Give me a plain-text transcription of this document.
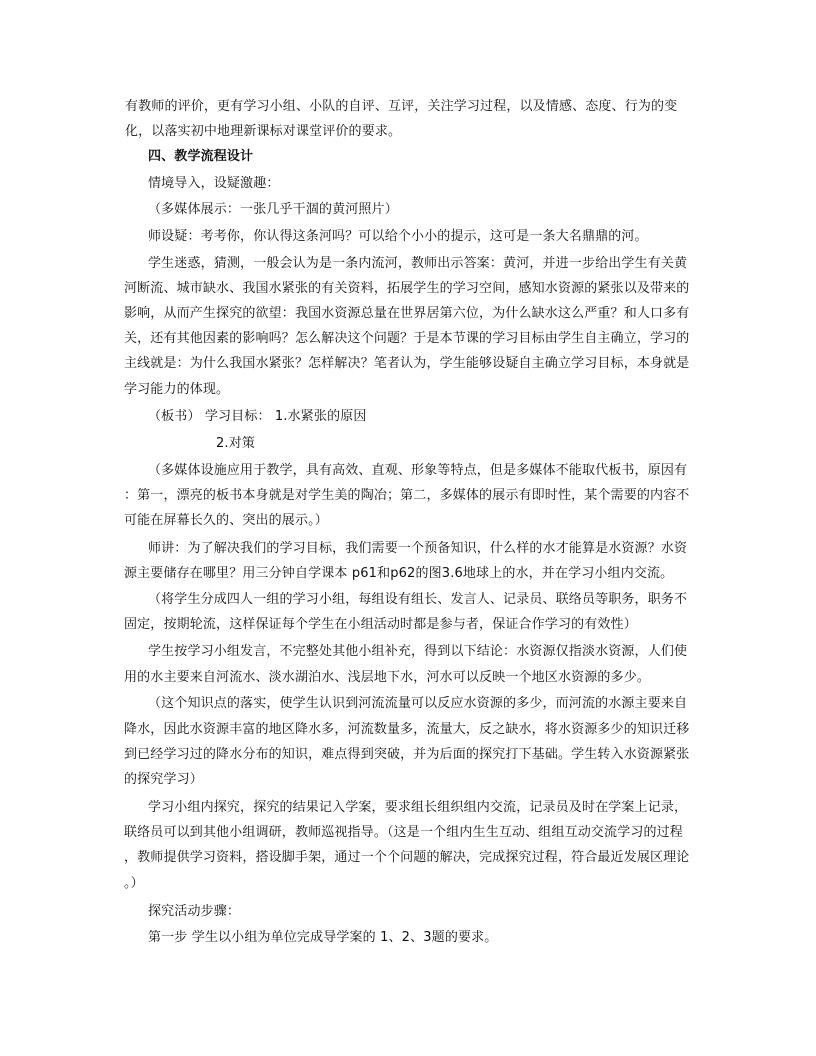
有教师的评价，更有学习小组、小队的自评、互评，关注学习过程，以及情感、态度、行为的变
化，以落实初中地理新课标对课堂评价的要求。
四、教学流程设计
情境导入，设疑激趣：
（多媒体展示：一张几乎干涸的黄河照片）
师设疑：考考你，你认得这条河吗？可以给个小小的提示，这可是一条大名鼎鼎的河。
学生迷惑，猜测，一般会认为是一条内流河，教师出示答案：黄河，并进一步给出学生有关黄
河断流、城市缺水、我国水紧张的有关资料，拓展学生的学习空间，感知水资源的紧张以及带来的
影响，从而产生探究的欲望：我国水资源总量在世界居第六位，为什么缺水这么严重？和人口多有
关，还有其他因素的影响吗？怎么解决这个问题？于是本节课的学习目标由学生自主确立，学习的
主线就是：为什么我国水紧张？怎样解决？笔者认为，学生能够设疑自主确立学习目标，本身就是
学习能力的体现。
（板书） 学习目标： 1.水紧张的原因
2.对策
（多媒体设施应用于教学，具有高效、直观、形象等特点，但是多媒体不能取代板书，原因有
：第一，漂亮的板书本身就是对学生美的陶冶；第二，多媒体的展示有即时性，某个需要的内容不
可能在屏幕长久的、突出的展示。）
师讲：为了解决我们的学习目标，我们需要一个预备知识，什么样的水才能算是水资源？水资
源主要储存在哪里？用三分钟自学课本 p61和p62的图3.6地球上的水，并在学习小组内交流。
（将学生分成四人一组的学习小组，每组设有组长、发言人、记录员、联络员等职务，职务不
固定，按期轮流，这样保证每个学生在小组活动时都是参与者，保证合作学习的有效性）
学生按学习小组发言，不完整处其他小组补充，得到以下结论：水资源仅指淡水资源，人们使
用的水主要来自河流水、淡水湖泊水、浅层地下水，河水可以反映一个地区水资源的多少。
（这个知识点的落实，使学生认识到河流流量可以反应水资源的多少，而河流的水源主要来自
降水，因此水资源丰富的地区降水多，河流数量多，流量大，反之缺水，将水资源多少的知识迁移
到已经学习过的降水分布的知识，难点得到突破，并为后面的探究打下基础。学生转入水资源紧张
的探究学习）
学习小组内探究，探究的结果记入学案，要求组长组织组内交流，记录员及时在学案上记录，
联络员可以到其他小组调研，教师巡视指导。（这是一个组内生生互动、组组互动交流学习的过程
，教师提供学习资料，搭设脚手架，通过一个个问题的解决，完成探究过程，符合最近发展区理论
。）
探究活动步骤：
第一步 学生以小组为单位完成导学案的 1、2、3题的要求。
